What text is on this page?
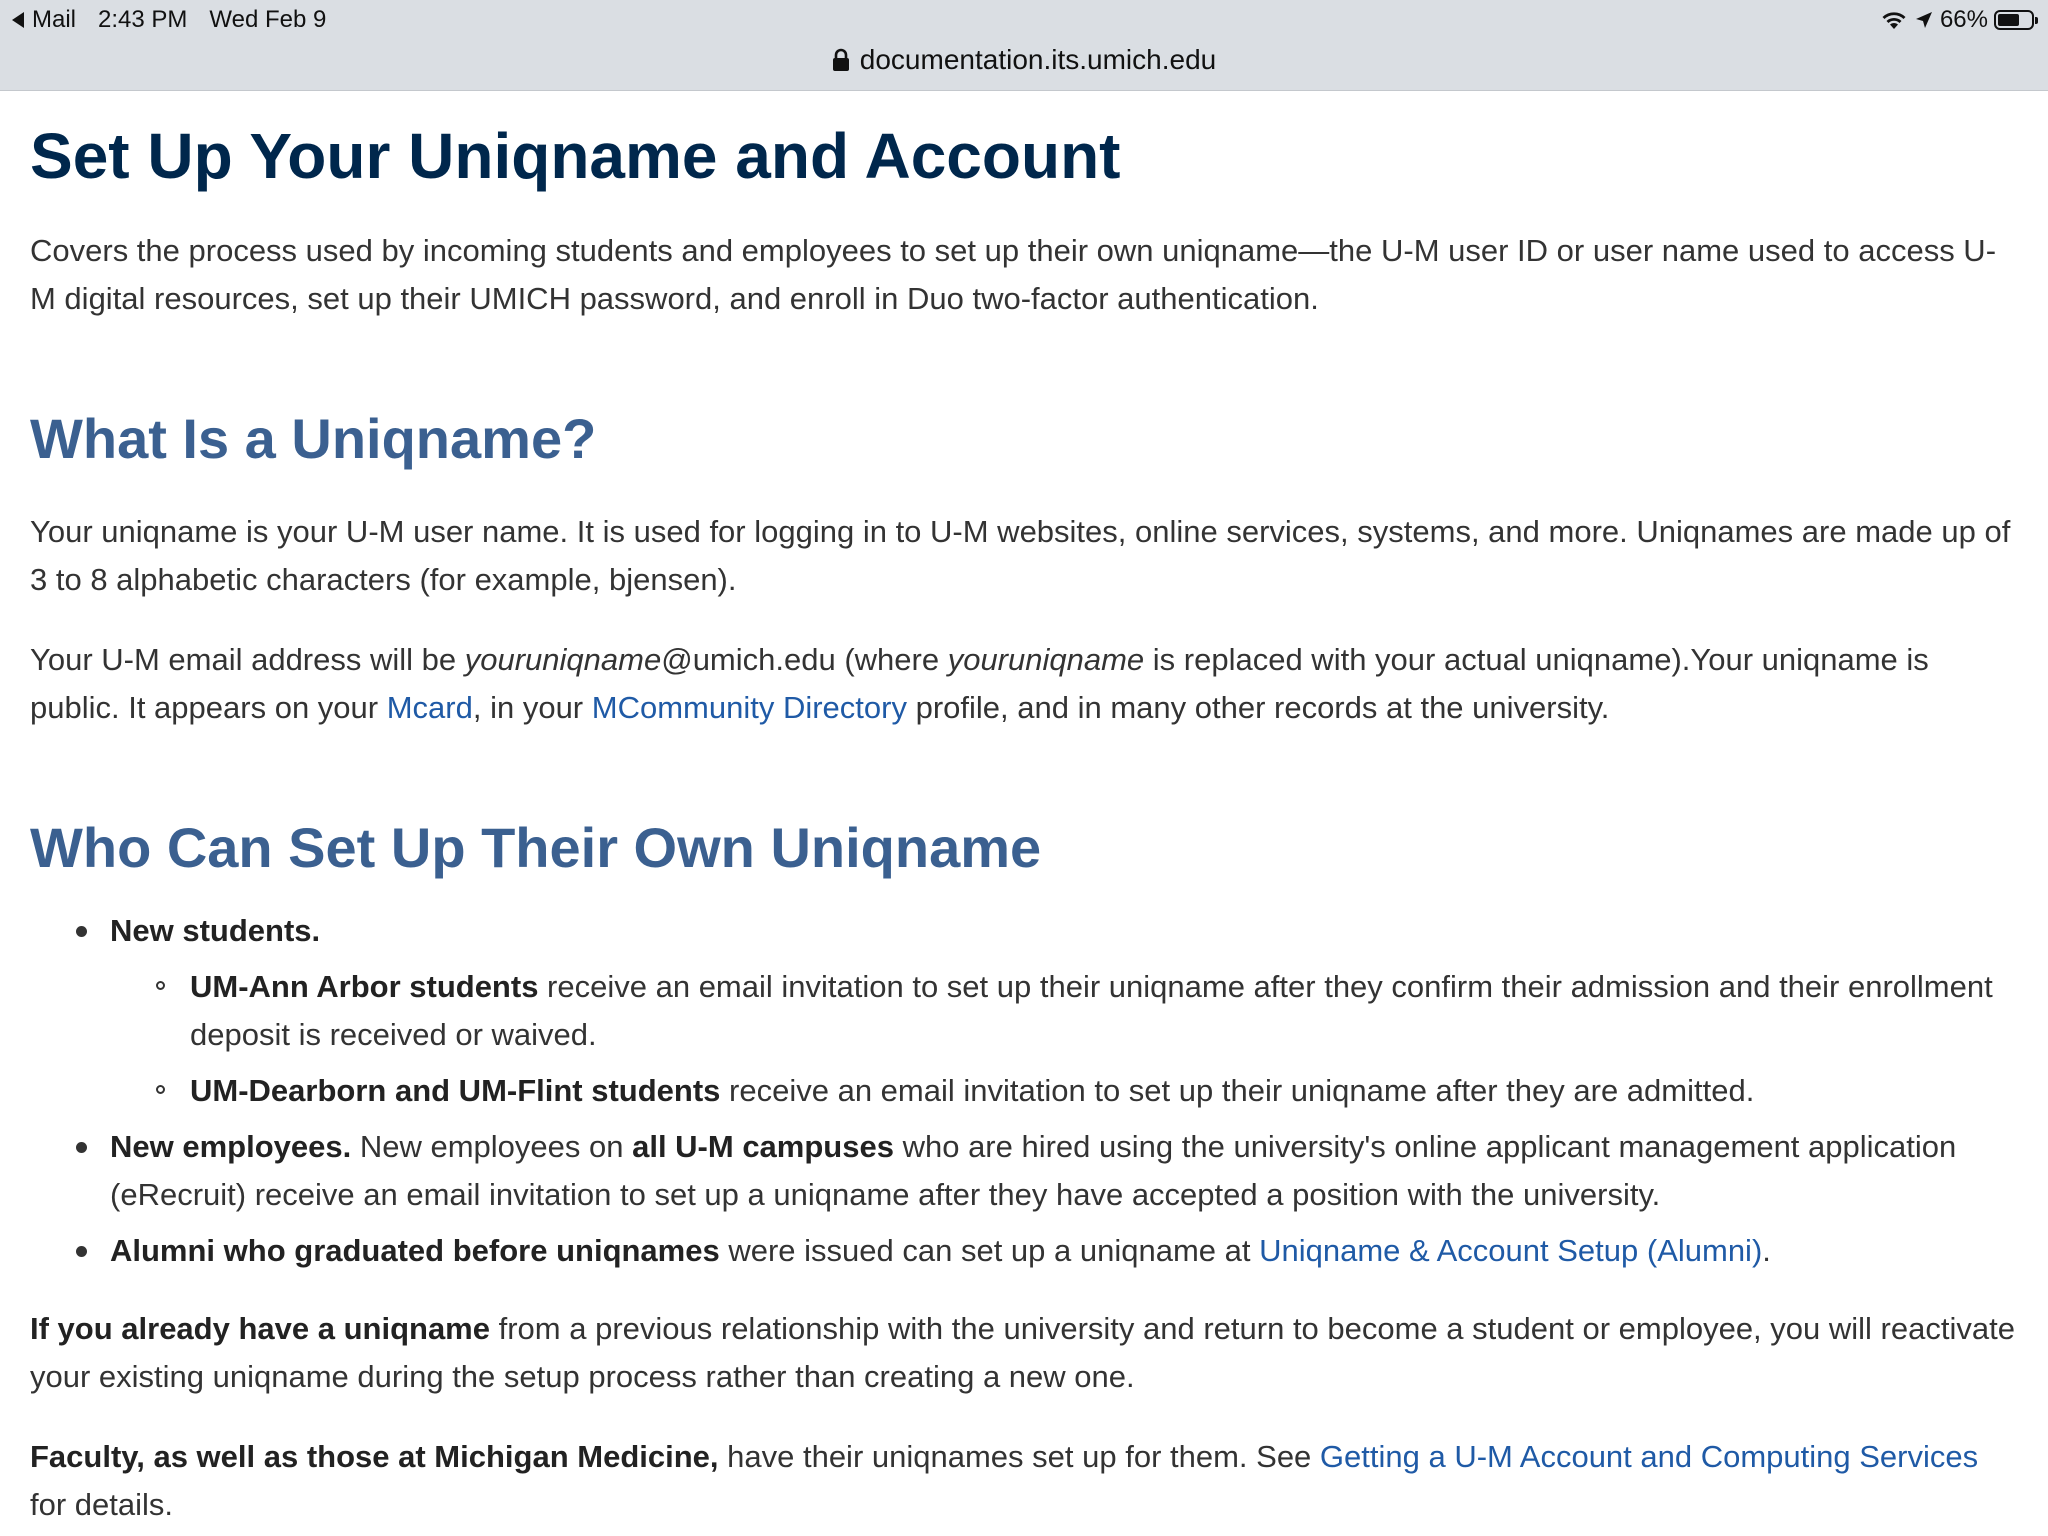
Mail 2:43 PM Wed Feb 9	66%
documentation.its.umich.edu
Set Up Your Uniqname and Account

Covers the process used by incoming students and employees to set up their own uniqname—the U-M user ID or user name used to access U-M digital resources, set up their UMICH password, and enroll in Duo two-factor authentication.

What Is a Uniqname?

Your uniqname is your U-M user name. It is used for logging in to U-M websites, online services, systems, and more. Uniqnames are made up of 3 to 8 alphabetic characters (for example, bjensen).

Your U-M email address will be youruniqname@umich.edu (where youruniqname is replaced with your actual uniqname).Your uniqname is public. It appears on your Mcard, in your MCommunity Directory profile, and in many other records at the university.

Who Can Set Up Their Own Uniqname
New students.
UM-Ann Arbor students receive an email invitation to set up their uniqname after they confirm their admission and their enrollment deposit is received or waived.
UM-Dearborn and UM-Flint students receive an email invitation to set up their uniqname after they are admitted.
New employees. New employees on all U-M campuses who are hired using the university's online applicant management application (eRecruit) receive an email invitation to set up a uniqname after they have accepted a position with the university.
Alumni who graduated before uniqnames were issued can set up a uniqname at Uniqname & Account Setup (Alumni).

If you already have a uniqname from a previous relationship with the university and return to become a student or employee, you will reactivate your existing uniqname during the setup process rather than creating a new one.

Faculty, as well as those at Michigan Medicine, have their uniqnames set up for them. See Getting a U-M Account and Computing Services for details.
